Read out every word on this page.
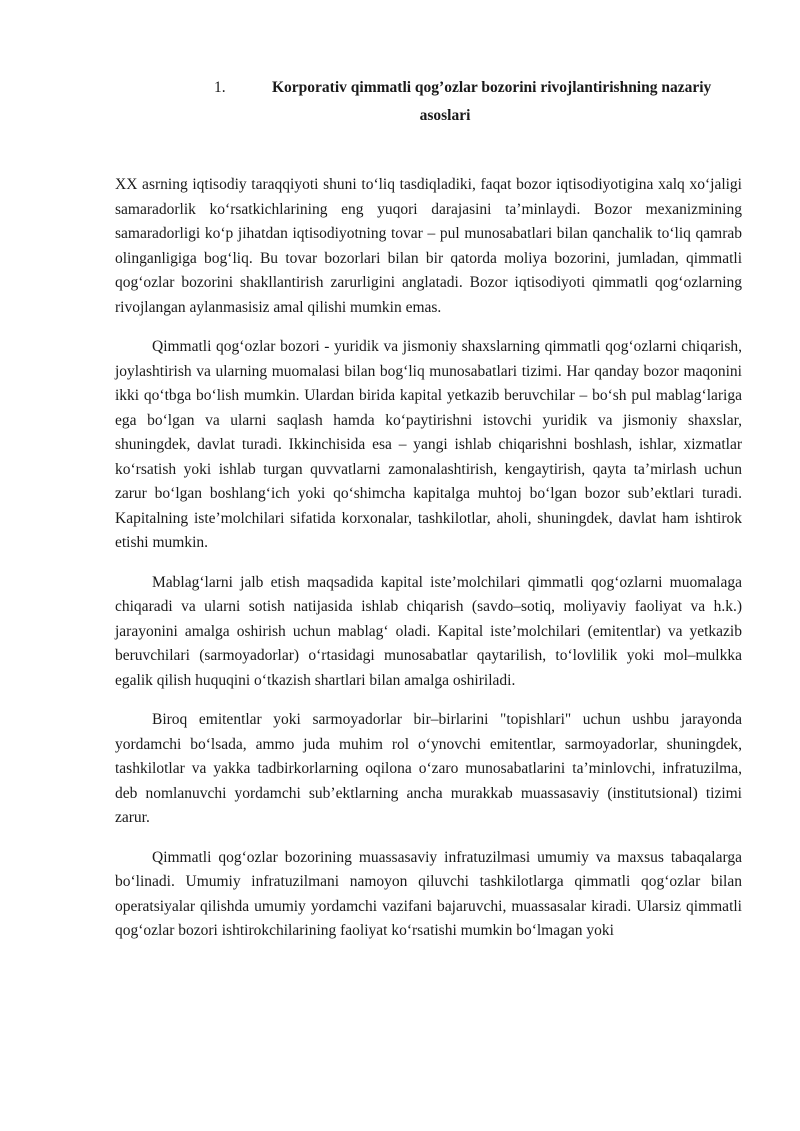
1.	Korporativ qimmatli qog’ozlar bozorini rivojlantirishning nazariy
asoslari

XX asrning iqtisodiy taraqqiyoti shuni to‘liq tasdiqladiki, faqat bozor iqtisodiyotigina xalq xo‘jaligi samaradorlik ko‘rsatkichlarining eng yuqori darajasini ta’minlaydi. Bozor mexanizmining samaradorligi ko‘p jihatdan iqtisodiyotning tovar – pul munosabatlari bilan qanchalik to‘liq qamrab olinganligiga bog‘liq. Bu tovar bozorlari bilan bir qatorda moliya bozorini, jumladan, qimmatli qog‘ozlar bozorini shakllantirish zarurligini anglatadi. Bozor iqtisodiyoti qimmatli qog‘ozlarning rivojlangan aylanmasisiz amal qilishi mumkin emas.

Qimmatli qog‘ozlar bozori - yuridik va jismoniy shaxslarning qimmatli qog‘ozlarni chiqarish, joylashtirish va ularning muomalasi bilan bog‘liq munosabatlari tizimi. Har qanday bozor maqonini ikki qo‘tbga bo‘lish mumkin. Ulardan birida kapital yetkazib beruvchilar – bo‘sh pul mablag‘lariga ega bo‘lgan va ularni saqlash hamda ko‘paytirishni istovchi yuridik va jismoniy shaxslar, shuningdek, davlat turadi. Ikkinchisida esa – yangi ishlab chiqarishni boshlash, ishlar, xizmatlar ko‘rsatish yoki ishlab turgan quvvatlarni zamonalashtirish, kengaytirish, qayta ta’mirlash uchun zarur bo‘lgan boshlang‘ich yoki qo‘shimcha kapitalga muhtoj bo‘lgan bozor sub’ektlari turadi. Kapitalning iste’molchilari sifatida korxonalar, tashkilotlar, aholi, shuningdek, davlat ham ishtirok etishi mumkin.

Mablag‘larni jalb etish maqsadida kapital iste’molchilari qimmatli qog‘ozlarni muomalaga chiqaradi va ularni sotish natijasida ishlab chiqarish (savdo–sotiq, moliyaviy faoliyat va h.k.) jarayonini amalga oshirish uchun mablag‘ oladi. Kapital iste’molchilari (emitentlar) va yetkazib beruvchilari (sarmoyadorlar) o‘rtasidagi munosabatlar qaytarilish, to‘lovlilik yoki mol–mulkka egalik qilish huquqini o‘tkazish shartlari bilan amalga oshiriladi.

Biroq emitentlar yoki sarmoyadorlar bir–birlarini "topishlari" uchun ushbu jarayonda yordamchi bo‘lsada, ammo juda muhim rol o‘ynovchi emitentlar, sarmoyadorlar, shuningdek, tashkilotlar va yakka tadbirkorlarning oqilona o‘zaro munosabatlarini ta’minlovchi, infratuzilma, deb nomlanuvchi yordamchi sub’ektlarning ancha murakkab muassasaviy (institutsional) tizimi zarur.

Qimmatli qog‘ozlar bozorining muassasaviy infratuzilmasi umumiy va maxsus tabaqalarga bo‘linadi. Umumiy infratuzilmani namoyon qiluvchi tashkilotlarga qimmatli qog‘ozlar bilan operatsiyalar qilishda umumiy yordamchi vazifani bajaruvchi, muassasalar kiradi. Ularsiz qimmatli qog‘ozlar bozori ishtirokchilarining faoliyat ko‘rsatishi mumkin bo‘lmagan yoki
